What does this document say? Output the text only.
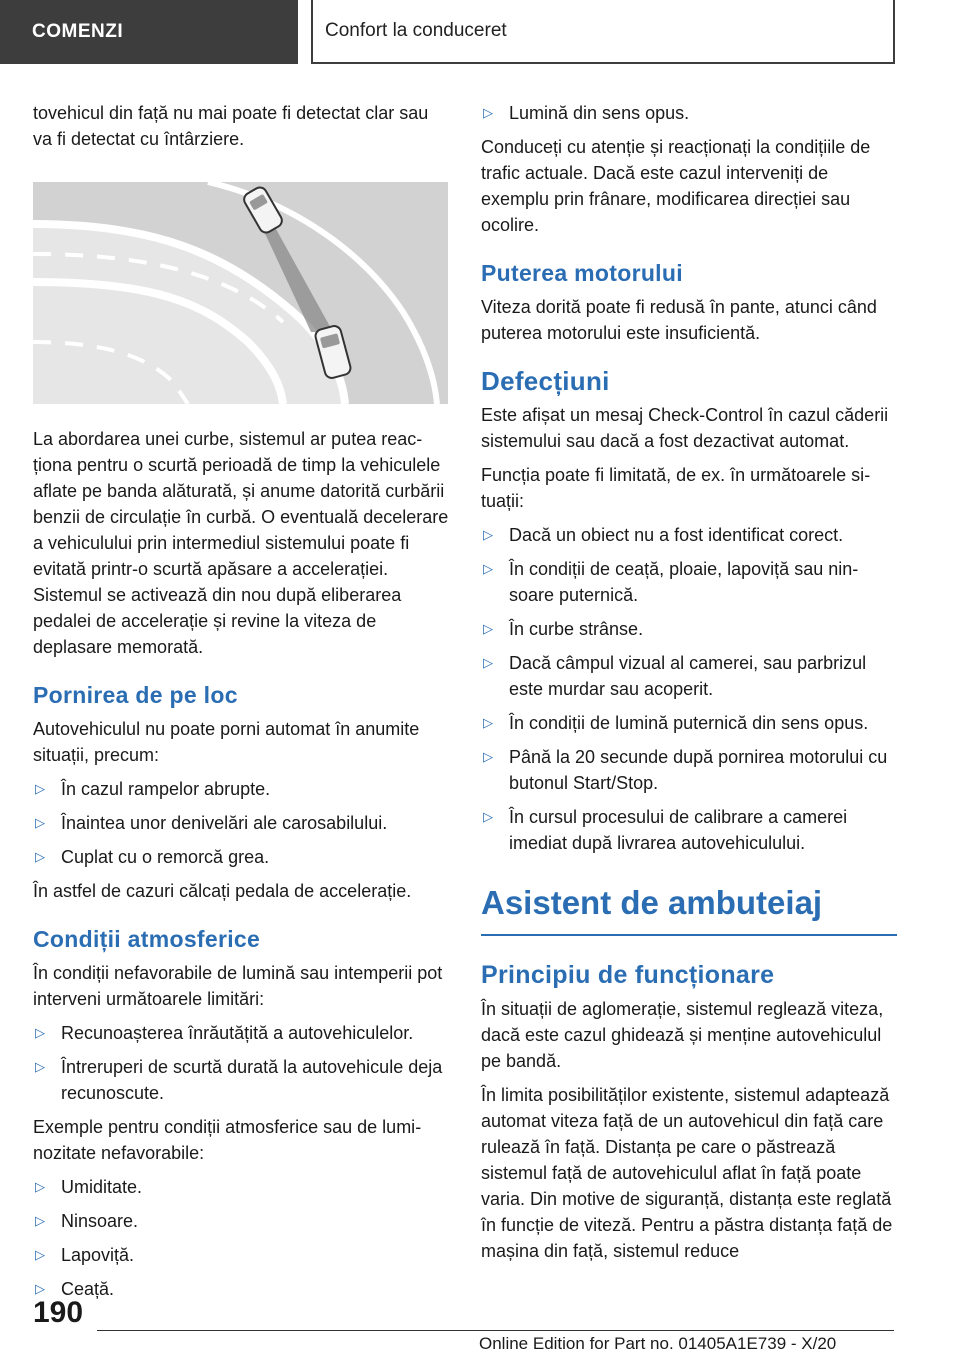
COMENZI	Confort la conduceret

tovehicul din față nu mai poate fi detectat clar sau va fi detectat cu întârziere.

La abordarea unei curbe, sistemul ar putea reacționa pentru o scurtă perioadă de timp la vehiculele aflate pe banda alăturată, și anume datorită curbării benzii de circulație în curbă. O eventuală decelerare a vehiculului prin intermediul sistemului poate fi evitată printr-o scurtă apăsare a accelerației. Sistemul se activează din nou după eliberarea pedalei de accelerație și revine la viteza de deplasare memorată.

Pornirea de pe loc

Autovehiculul nu poate porni automat în anumite situații, precum:

▷ În cazul rampelor abrupte.
▷ Înaintea unor denivelări ale carosabilului.
▷ Cuplat cu o remorcă grea.

În astfel de cazuri călcați pedala de accelerație.

Condiții atmosferice

În condiții nefavorabile de lumină sau intemperii pot interveni următoarele limitări:

▷ Recunoașterea înrăutățită a autovehiculelor.
▷ Întreruperi de scurtă durată la autovehicule deja recunoscute.

Exemple pentru condiții atmosferice sau de luminozitate nefavorabile:

▷ Umiditate.
▷ Ninsoare.
▷ Lapoviță.
▷ Ceață.
▷ Lumină din sens opus.

Conduceți cu atenție și reacționați la condițiile de trafic actuale. Dacă este cazul interveniți de exemplu prin frânare, modificarea direcției sau ocolire.

Puterea motorului

Viteza dorită poate fi redusă în pante, atunci când puterea motorului este insuficientă.

Defecțiuni

Este afișat un mesaj Check-Control în cazul căderii sistemului sau dacă a fost dezactivat automat.

Funcția poate fi limitată, de ex. în următoarele situații:

▷ Dacă un obiect nu a fost identificat corect.
▷ În condiții de ceață, ploaie, lapoviță sau ninsoare puternică.
▷ În curbe strânse.
▷ Dacă câmpul vizual al camerei, sau parbrizul este murdar sau acoperit.
▷ În condiții de lumină puternică din sens opus.
▷ Până la 20 secunde după pornirea motorului cu butonul Start/Stop.
▷ În cursul procesului de calibrare a camerei imediat după livrarea autovehiculului.
Asistent de ambuteiaj
Principiu de funcționare

În situații de aglomerație, sistemul reglează viteza, dacă este cazul ghidează și menține autovehiculul pe bandă.

În limita posibilităților existente, sistemul adaptează automat viteza față de un autovehicul din față care rulează în față. Distanța pe care o păstrează sistemul față de autovehiculul aflat în față poate varia. Din motive de siguranță, distanța este reglată în funcție de viteză. Pentru a păstra distanța față de mașina din față, sistemul reduce

190
Online Edition for Part no. 01405A1E739 - X/20
